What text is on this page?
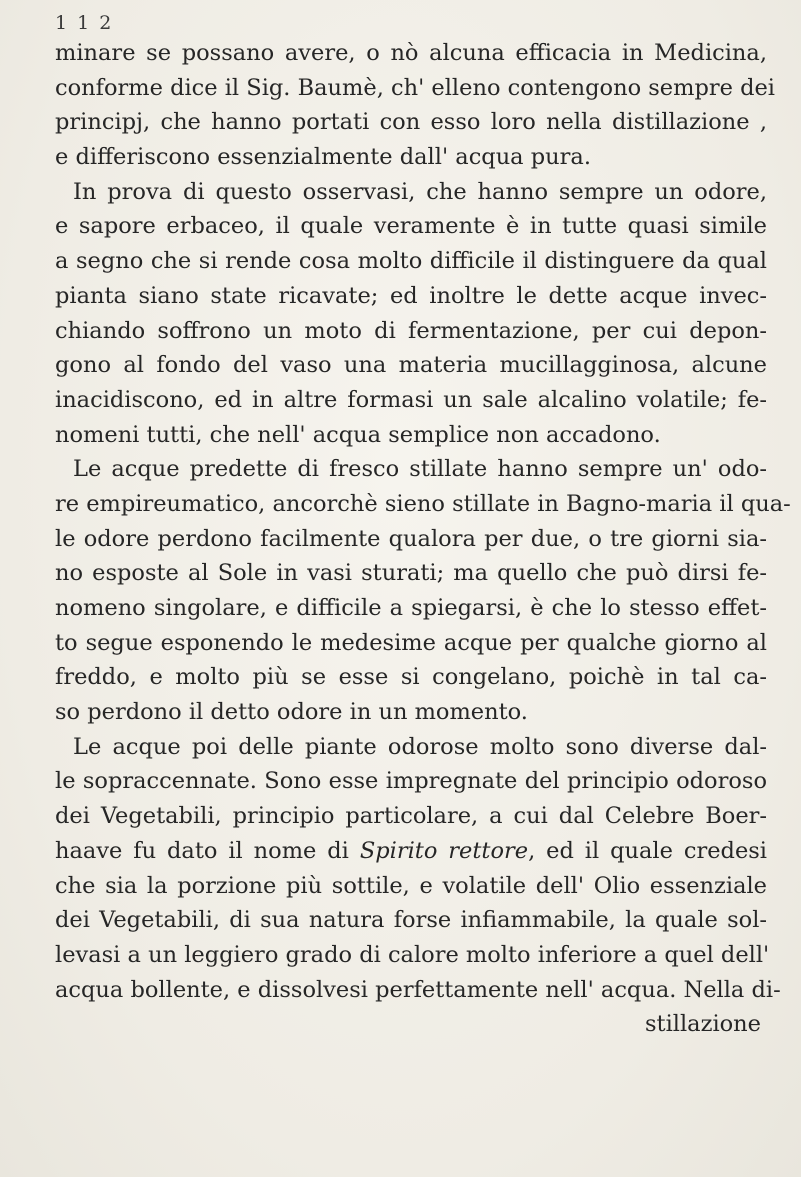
1 1 2
minare se possano avere, o nò alcuna efficacia in Medicina,
conforme dice il Sig. Baumè, ch' elleno contengono sempre dei
principj, che hanno portati con esso loro nella distillazione ,
e differiscono essenzialmente dall' acqua pura.
In prova di questo osservasi, che hanno sempre un odore,
e sapore erbaceo, il quale veramente è in tutte quasi simile
a segno che si rende cosa molto difficile il distinguere da qual
pianta siano state ricavate; ed inoltre le dette acque invec-
chiando soffrono un moto di fermentazione, per cui depon-
gono al fondo del vaso una materia mucillagginosa, alcune
inacidiscono, ed in altre formasi un sale alcalino volatile; fe-
nomeni tutti, che nell' acqua semplice non accadono.
Le acque predette di fresco stillate hanno sempre un' odo-
re empireumatico, ancorchè sieno stillate in Bagno-maria il qua-
le odore perdono facilmente qualora per due, o tre giorni sia-
no esposte al Sole in vasi sturati; ma quello che può dirsi fe-
nomeno singolare, e difficile a spiegarsi, è che lo stesso effet-
to segue esponendo le medesime acque per qualche giorno al
freddo, e molto più se esse si congelano, poichè in tal ca-
so perdono il detto odore in un momento.
Le acque poi delle piante odorose molto sono diverse dal-
le sopraccennate. Sono esse impregnate del principio odoroso
dei Vegetabili, principio particolare, a cui dal Celebre Boer-
haave fu dato il nome di Spirito rettore, ed il quale credesi
che sia la porzione più sottile, e volatile dell' Olio essenziale
dei Vegetabili, di sua natura forse infiammabile, la quale sol-
levasi a un leggiero grado di calore molto inferiore a quel dell'
acqua bollente, e dissolvesi perfettamente nell' acqua. Nella di-
stillazione
